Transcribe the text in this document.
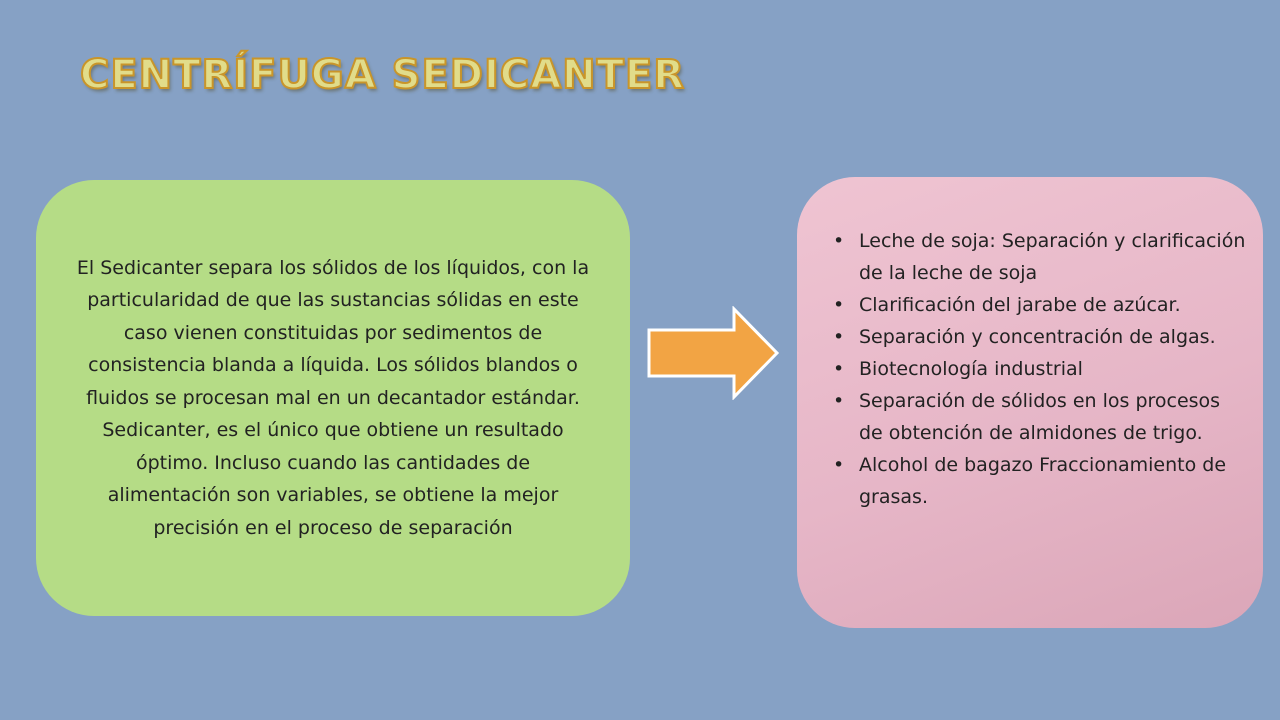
CENTRÍFUGA SEDICANTER

El Sedicanter separa los sólidos de los líquidos, con la particularidad de que las sustancias sólidas en este caso vienen constituidas por sedimentos de consistencia blanda a líquida. Los sólidos blandos o fluidos se procesan mal en un decantador estándar. Sedicanter, es el único que obtiene un resultado óptimo. Incluso cuando las cantidades de alimentación son variables, se obtiene la mejor precisión en el proceso de separación

• Leche de soja: Separación y clarificación de la leche de soja
• Clarificación del jarabe de azúcar.
• Separación y concentración de algas.
• Biotecnología industrial
• Separación de sólidos en los procesos de obtención de almidones de trigo.
• Alcohol de bagazo Fraccionamiento de grasas.
